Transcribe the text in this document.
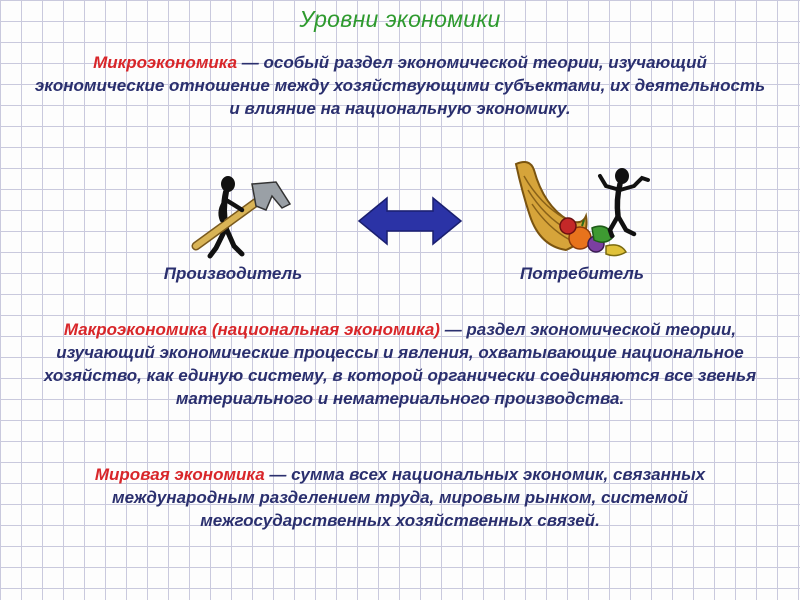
Уровни экономики
Микроэкономика — особый раздел экономической теории, изучающий экономические отношение между хозяйствующими субъектами, их деятельность и влияние на национальную экономику.
Производитель	Потребитель
Макроэкономика (национальная экономика) — раздел экономической теории, изучающий экономические процессы и явления, охватывающие национальное хозяйство, как единую систему, в которой органически соединяются все звенья материального и нематериального производства.
Мировая экономика — сумма всех национальных экономик, связанных международным разделением труда, мировым рынком, системой межгосударственных хозяйственных связей.
